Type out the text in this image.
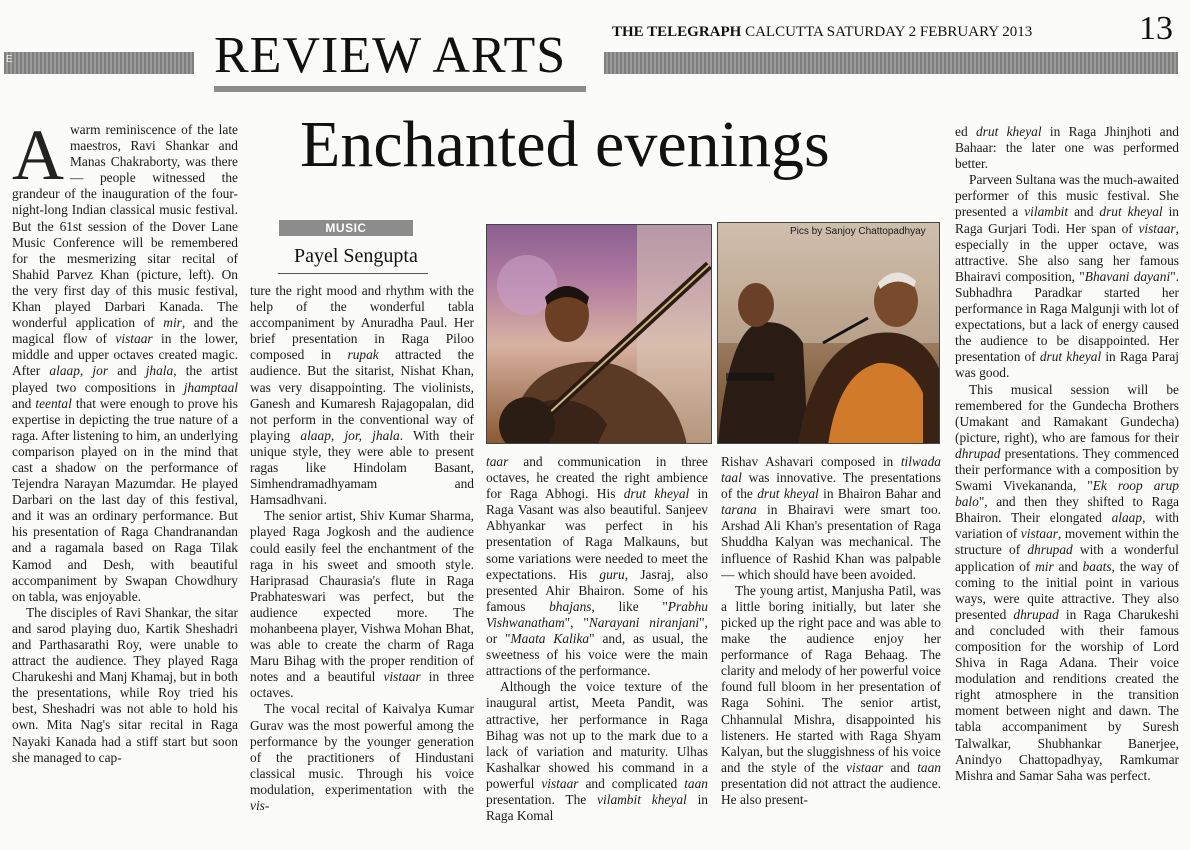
E	REVIEW ARTS	THE TELEGRAPH CALCUTTA SATURDAY 2 FEBRUARY 2013	13
Enchanted evenings

Awarm reminiscence of the late maestros, Ravi Shankar and Manas Chakraborty, was there — people witnessed the grandeur of the inauguration of the four-night-long Indian classical music festival. But the 61st session of the Dover Lane Music Conference will be remembered for the mesmerizing sitar recital of Shahid Parvez Khan (picture, left). On the very first day of this music festival, Khan played Darbari Kanada. The wonderful application of mir, and the magical flow of vistaar in the lower, middle and upper octaves created magic. After alaap, jor and jhala, the artist played two compositions in jhamptaal and teental that were enough to prove his expertise in depicting the true nature of a raga. After listening to him, an underlying comparison played on in the mind that cast a shadow on the performance of Tejendra Narayan Mazumdar. He played Darbari on the last day of this festival, and it was an ordinary performance. But his presentation of Raga Chandranandan and a ragamala based on Raga Tilak Kamod and Desh, with beautiful accompaniment by Swapan Chowdhury on tabla, was enjoyable.

The disciples of Ravi Shankar, the sitar and sarod playing duo, Kartik Sheshadri and Parthasarathi Roy, were unable to attract the audience. They played Raga Charukeshi and Manj Khamaj, but in both the presentations, while Roy tried his best, Sheshadri was not able to hold his own. Mita Nag's sitar recital in Raga Nayaki Kanada had a stiff start but soon she managed to cap-

MUSIC
Payel Sengupta

ture the right mood and rhythm with the help of the wonderful tabla accompaniment by Anuradha Paul. Her brief presentation in Raga Piloo composed in rupak attracted the audience. But the sitarist, Nishat Khan, was very disappointing. The violinists, Ganesh and Kumaresh Rajagopalan, did not perform in the conventional way of playing alaap, jor, jhala. With their unique style, they were able to present ragas like Hindolam Basant, Simhendramadhyamam and Hamsadhvani.

The senior artist, Shiv Kumar Sharma, played Raga Jogkosh and the audience could easily feel the enchantment of the raga in his sweet and smooth style. Hariprasad Chaurasia's flute in Raga Prabhateswari was perfect, but the audience expected more. The mohanbeena player, Vishwa Mohan Bhat, was able to create the charm of Raga Maru Bihag with the proper rendition of notes and a beautiful vistaar in three octaves.

The vocal recital of Kaivalya Kumar Gurav was the most powerful among the performance by the younger generation of the practitioners of Hindustani classical music. Through his voice modulation, experimentation with the vis-

Pics by Sanjoy Chattopadhyay

taar and communication in three octaves, he created the right ambience for Raga Abhogi. His drut kheyal in Raga Vasant was also beautiful. Sanjeev Abhyankar was perfect in his presentation of Raga Malkauns, but some variations were needed to meet the expectations. His guru, Jasraj, also presented Ahir Bhairon. Some of his famous bhajans, like "Prabhu Vishwanatham", "Narayani niranjani", or "Maata Kalika" and, as usual, the sweetness of his voice were the main attractions of the performance.

Although the voice texture of the inaugural artist, Meeta Pandit, was attractive, her performance in Raga Bihag was not up to the mark due to a lack of variation and maturity. Ulhas Kashalkar showed his command in a powerful vistaar and complicated taan presentation. The vilambit kheyal in Raga Komal

Rishav Ashavari composed in tilwada taal was innovative. The presentations of the drut kheyal in Bhairon Bahar and tarana in Bhairavi were smart too. Arshad Ali Khan's presentation of Raga Shuddha Kalyan was mechanical. The influence of Rashid Khan was palpable — which should have been avoided.

The young artist, Manjusha Patil, was a little boring initially, but later she picked up the right pace and was able to make the audience enjoy her performance of Raga Behaag. The clarity and melody of her powerful voice found full bloom in her presentation of Raga Sohini. The senior artist, Chhannulal Mishra, disappointed his listeners. He started with Raga Shyam Kalyan, but the sluggishness of his voice and the style of the vistaar and taan presentation did not attract the audience. He also present-

ed drut kheyal in Raga Jhinjhoti and Bahaar: the later one was performed better.

Parveen Sultana was the much-awaited performer of this music festival. She presented a vilambit and drut kheyal in Raga Gurjari Todi. Her span of vistaar, especially in the upper octave, was attractive. She also sang her famous Bhairavi composition, "Bhavani dayani". Subhadhra Paradkar started her performance in Raga Malgunji with lot of expectations, but a lack of energy caused the audience to be disappointed. Her presentation of drut kheyal in Raga Paraj was good.

This musical session will be remembered for the Gundecha Brothers (Umakant and Ramakant Gundecha) (picture, right), who are famous for their dhrupad presentations. They commenced their performance with a composition by Swami Vivekananda, "Ek roop arup balo", and then they shifted to Raga Bhairon. Their elongated alaap, with variation of vistaar, movement within the structure of dhrupad with a wonderful application of mir and baats, the way of coming to the initial point in various ways, were quite attractive. They also presented dhrupad in Raga Charukeshi and concluded with their famous composition for the worship of Lord Shiva in Raga Adana. Their voice modulation and renditions created the right atmosphere in the transition moment between night and dawn. The tabla accompaniment by Suresh Talwalkar, Shubhankar Banerjee, Anindyo Chattopadhyay, Ramkumar Mishra and Samar Saha was perfect.
